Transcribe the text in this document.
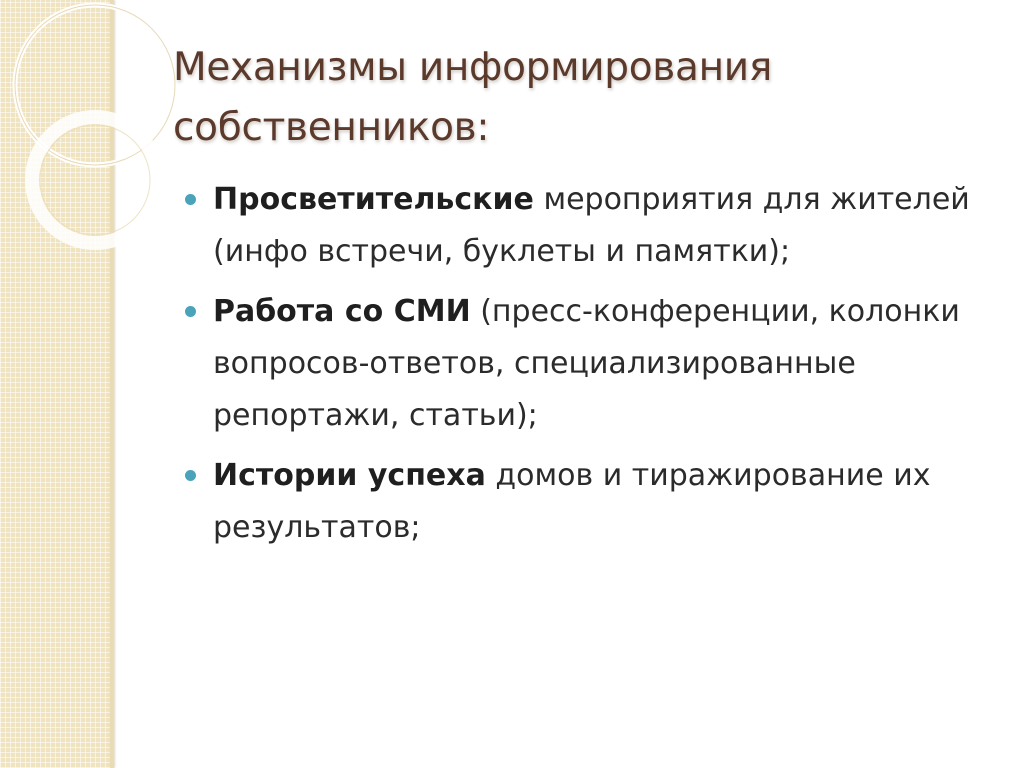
Механизмы информирования
собственников:
Просветительские мероприятия для жителей (инфо встречи, буклеты и памятки);
Работа со СМИ (пресс-конференции, колонки вопросов-ответов, специализированные репортажи, статьи);
Истории успеха домов и тиражирование их результатов;
